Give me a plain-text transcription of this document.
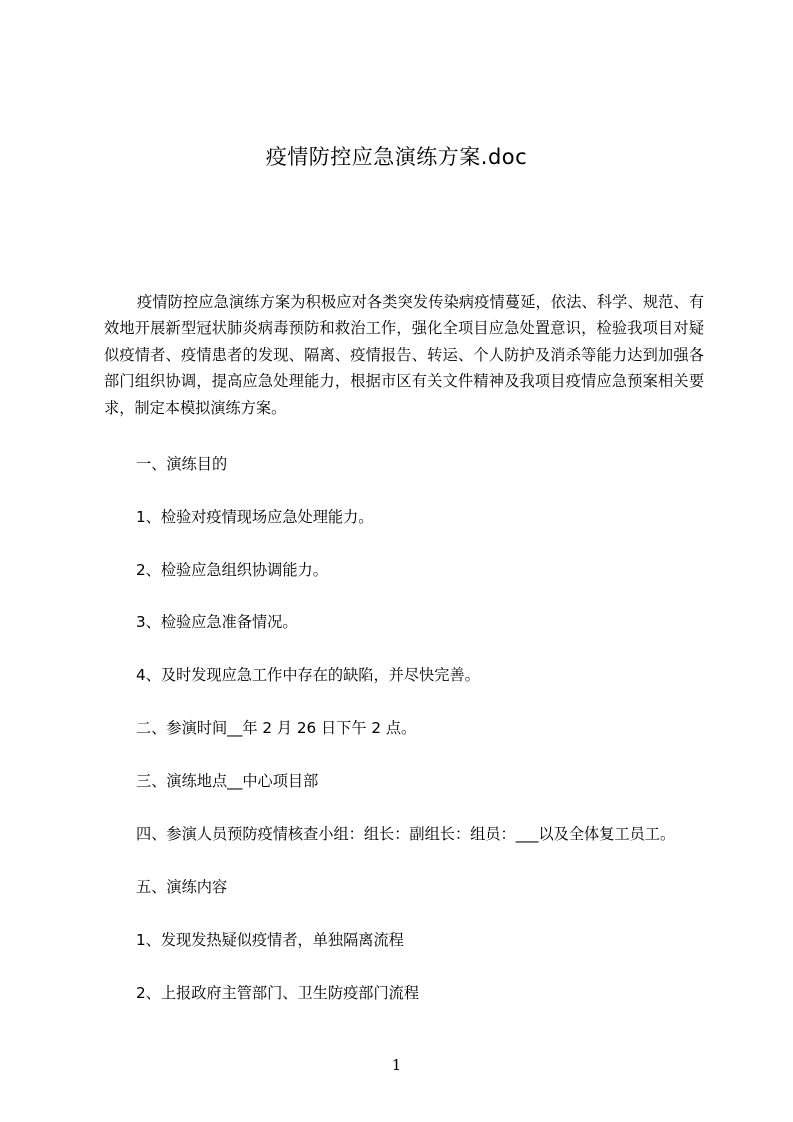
疫情防控应急演练方案.doc
疫情防控应急演练方案为积极应对各类突发传染病疫情蔓延，依法、科学、规范、有效地开展新型冠状肺炎病毒预防和救治工作，强化全项目应急处置意识，检验我项目对疑似疫情者、疫情患者的发现、隔离、疫情报告、转运、个人防护及消杀等能力达到加强各部门组织协调，提高应急处理能力，根据市区有关文件精神及我项目疫情应急预案相关要求，制定本模拟演练方案。
一、演练目的
1、检验对疫情现场应急处理能力。
2、检验应急组织协调能力。
3、检验应急准备情况。
4、及时发现应急工作中存在的缺陷，并尽快完善。
二、参演时间__年 2 月 26 日下午 2 点。
三、演练地点__中心项目部
四、参演人员预防疫情核查小组：组长：副组长：组员：___以及全体复工员工。
五、演练内容
1、发现发热疑似疫情者，单独隔离流程
2、上报政府主管部门、卫生防疫部门流程
1
